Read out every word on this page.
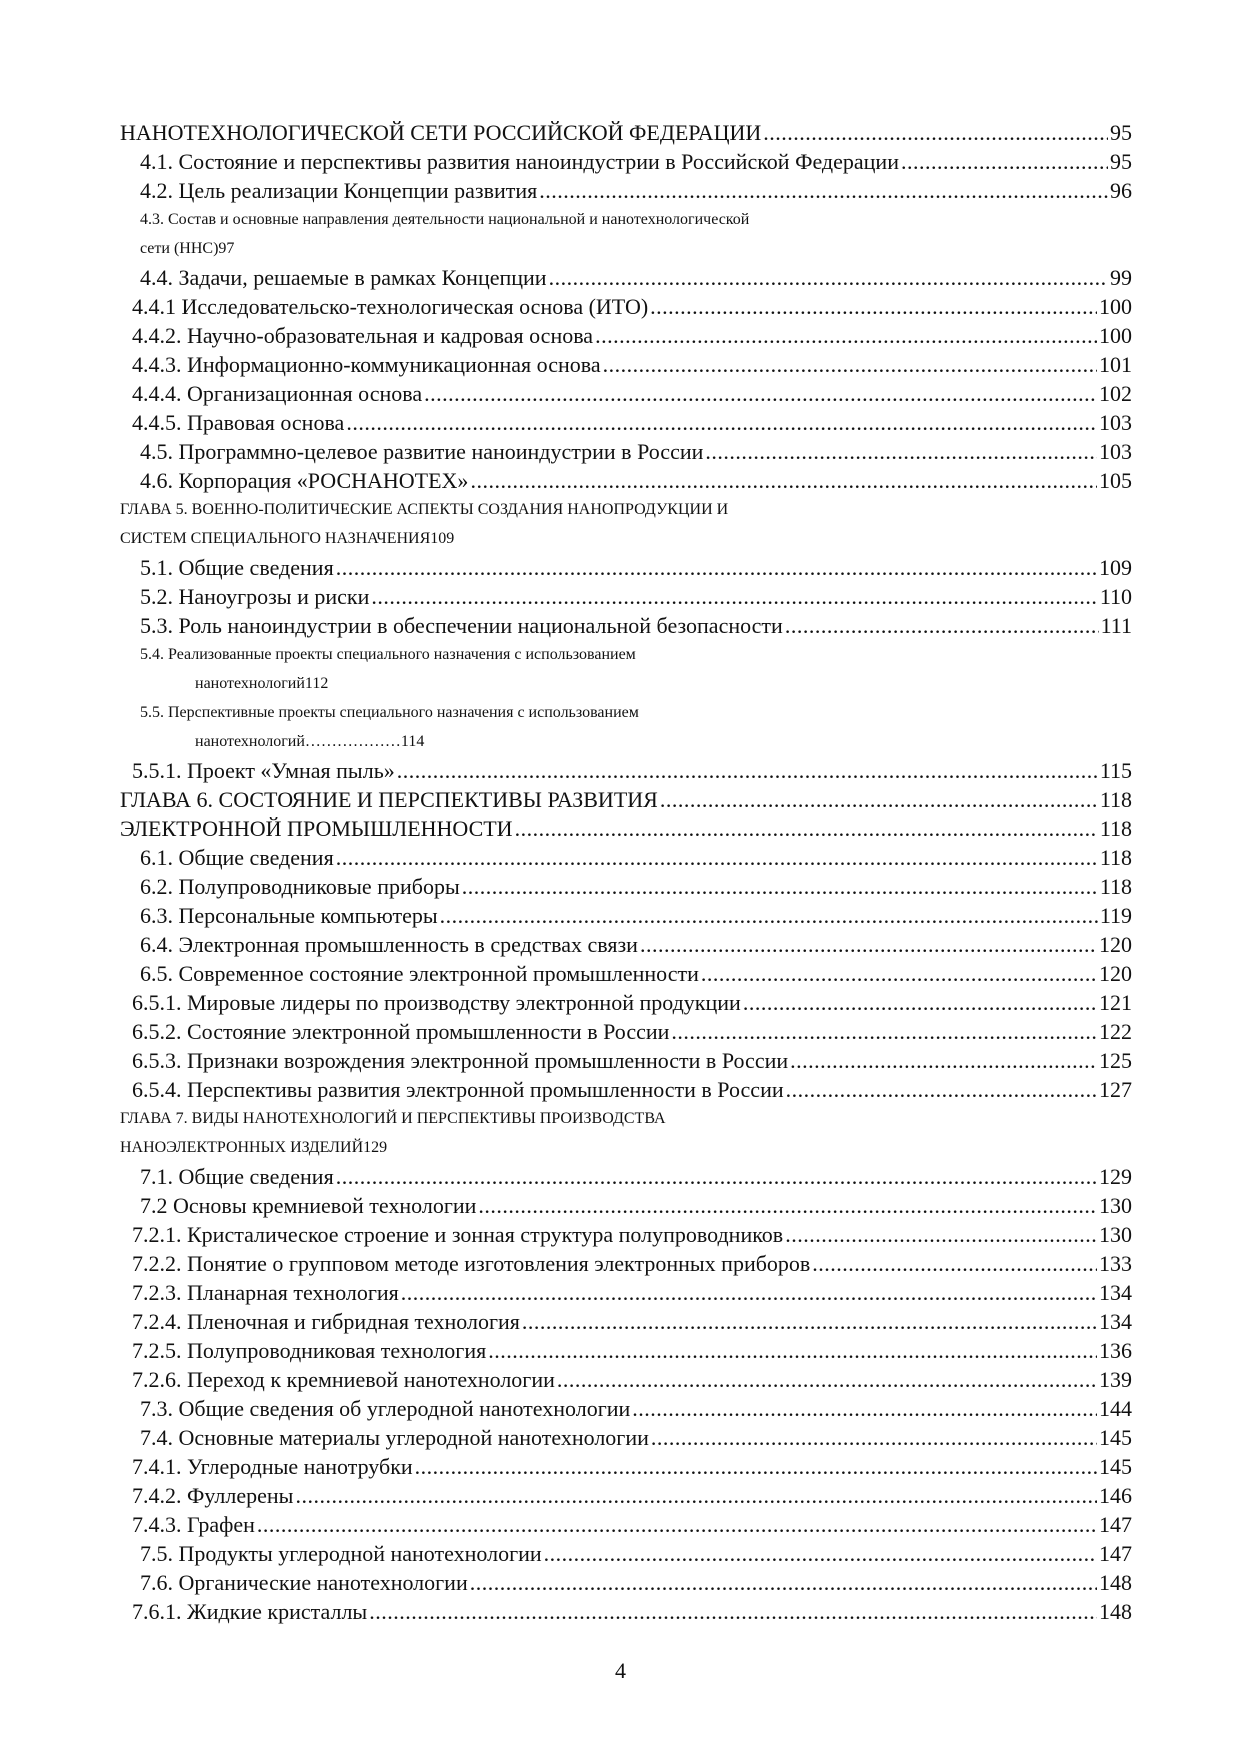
НАНОТЕХНОЛОГИЧЕСКОЙ СЕТИ РОССИЙСКОЙ ФЕДЕРАЦИИ .....	95
4.1. Состояние и перспективы развития наноиндустрии в Российской Федерации .....	95
4.2. Цель реализации Концепции развития .....	96
4.3. Состав и основные направления деятельности национальной и нанотехнологической
сети (ННС) 97
4.4. Задачи, решаемые в рамках Концепции .....	99
4.4.1 Исследовательско-технологическая основа (ИТО) .....	100
4.4.2. Научно-образовательная и кадровая основа .....	100
4.4.3. Информационно-коммуникационная основа .....	101
4.4.4. Организационная основа .....	102
4.4.5. Правовая основа .....	103
4.5. Программно-целевое развитие наноиндустрии в России .....	103
4.6. Корпорация «РОСНАНОТЕХ» .....	105
ГЛАВА 5. ВОЕННО-ПОЛИТИЧЕСКИЕ АСПЕКТЫ СОЗДАНИЯ НАНОПРОДУКЦИИ И
СИСТЕМ СПЕЦИАЛЬНОГО НАЗНАЧЕНИЯ 109
5.1. Общие сведения .....	109
5.2. Наноугрозы и риски .....	110
5.3. Роль наноиндустрии в обеспечении национальной безопасности .....	111
5.4. Реализованные проекты специального назначения с использованием
нанотехнологий 112
5.5. Перспективные проекты специального назначения с использованием
нанотехнологий……………… 114
5.5.1. Проект «Умная пыль» .....	115
ГЛАВА 6. СОСТОЯНИЕ И ПЕРСПЕКТИВЫ РАЗВИТИЯ .....	118
ЭЛЕКТРОННОЙ ПРОМЫШЛЕННОСТИ .....	118
6.1. Общие сведения .....	118
6.2. Полупроводниковые приборы .....	118
6.3. Персональные компьютеры .....	119
6.4. Электронная промышленность в средствах связи .....	120
6.5. Современное состояние электронной промышленности .....	120
6.5.1. Мировые лидеры по производству электронной продукции .....	121
6.5.2. Состояние электронной промышленности в России .....	122
6.5.3. Признаки возрождения электронной промышленности в России .....	125
6.5.4. Перспективы развития электронной промышленности в России .....	127
ГЛАВА 7. ВИДЫ НАНОТЕХНОЛОГИЙ И ПЕРСПЕКТИВЫ ПРОИЗВОДСТВА
НАНОЭЛЕКТРОННЫХ ИЗДЕЛИЙ 129
7.1. Общие сведения .....	129
7.2 Основы кремниевой технологии .....	130
7.2.1. Кристалическое строение и зонная структура полупроводников .....	130
7.2.2. Понятие о групповом методе изготовления электронных приборов .....	133
7.2.3. Планарная технология .....	134
7.2.4. Пленочная и гибридная технология .....	134
7.2.5. Полупроводниковая технология .....	136
7.2.6. Переход к кремниевой нанотехнологии .....	139
7.3. Общие сведения об углеродной нанотехнологии .....	144
7.4. Основные материалы углеродной нанотехнологии .....	145
7.4.1. Углеродные нанотрубки .....	145
7.4.2. Фуллерены .....	146
7.4.3. Графен .....	147
7.5. Продукты углеродной нанотехнологии .....	147
7.6. Органические нанотехнологии .....	148
7.6.1. Жидкие кристаллы .....	148
4
